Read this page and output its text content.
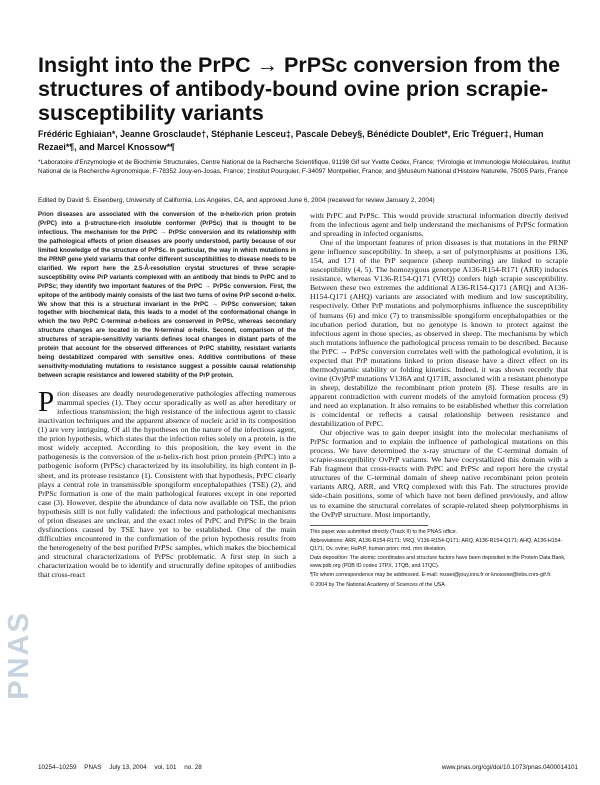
PNAS
Insight into the PrPC → PrPSc conversion from the structures of antibody-bound ovine prion scrapie-susceptibility variants
Frédéric Eghiaian*, Jeanne Grosclaude†, Stéphanie Lesceu‡, Pascale Debey§, Bénédicte Doublet*, Eric Tréguer‡, Human Rezaei*¶, and Marcel Knossow*¶
*Laboratoire d'Enzymologie et de Biochimie Structurales, Centre National de la Recherche Scientifique, 91198 Gif sur Yvette Cedex, France; †Virologie et Immunologie Moléculaires, Institut National de la Recherche Agronomique, F-78352 Jouy-en-Josas, France; ‡Institut Pourquier, F-34097 Montpellier, France; and §Muséum National d'Histoire Naturelle, 75005 Paris, France
Edited by David S. Eisenberg, University of California, Los Angeles, CA, and approved June 6, 2004 (received for review January 2, 2004)

Prion diseases are associated with the conversion of the α-helix-rich prion protein (PrPC) into a β-structure-rich insoluble conformer (PrPSc) that is thought to be infectious. The mechanism for the PrPC → PrPSc conversion and its relationship with the pathological effects of prion diseases are poorly understood, partly because of our limited knowledge of the structure of PrPSc. In particular, the way in which mutations in the PRNP gene yield variants that confer different susceptibilities to disease needs to be clarified. We report here the 2.5-Å-resolution crystal structures of three scrapie-susceptibility ovine PrP variants complexed with an antibody that binds to PrPC and to PrPSc; they identify two important features of the PrPC → PrPSc conversion. First, the epitope of the antibody mainly consists of the last two turns of ovine PrP second α-helix. We show that this is a structural invariant in the PrPC → PrPSc conversion; taken together with biochemical data, this leads to a model of the conformational change in which the two PrPC C-terminal α-helices are conserved in PrPSc, whereas secondary structure changes are located in the N-terminal α-helix. Second, comparison of the structures of scrapie-sensitivity variants defines local changes in distant parts of the protein that account for the observed differences of PrPC stability, resistant variants being destabilized compared with sensitive ones. Additive contributions of these sensitivity-modulating mutations to resistance suggest a possible causal relationship between scrapie resistance and lowered stability of the PrP protein.

Prion diseases are deadly neurodegenerative pathologies affecting numerous mammal species (1). They occur sporadically as well as after hereditary or infectious transmission; the high resistance of the infectious agent to classic inactivation techniques and the apparent absence of nucleic acid in its composition (1) are very intriguing. Of all the hypotheses on the nature of the infectious agent, the prion hypothesis, which states that the infection relies solely on a protein, is the most widely accepted. According to this proposition, the key event in the pathogenesis is the conversion of the α-helix-rich host prion protein (PrPC) into a pathogenic isoform (PrPSc) characterized by its insolubility, its high content in β-sheet, and its protease resistance (1). Consistent with that hypothesis, PrPC clearly plays a central role in transmissible spongiform encephalopathies (TSE) (2), and PrPSc formation is one of the main pathological features except in one reported case (3). However, despite the abundance of data now available on TSE, the prion hypothesis still is not fully validated: the infectious and pathological mechanisms of prion diseases are unclear, and the exact roles of PrPC and PrPSc in the brain dysfunctions caused by TSE have yet to be established. One of the main difficulties encountered in the confirmation of the prion hypothesis results from the heterogeneity of the best purified PrPSc samples, which makes the biochemical and structural characterizations of PrPSc problematic. A first step in such a characterization would be to identify and structurally define epitopes of antibodies that cross-react

with PrPC and PrPSc. This would provide structural information directly derived from the infectious agent and help understand the mechanisms of PrPSc formation and spreading in infected organisms.

One of the important features of prion diseases is that mutations in the PRNP gene influence susceptibility. In sheep, a set of polymorphisms at positions 136, 154, and 171 of the PrP sequence (sheep numbering) are linked to scrapie susceptibility (4, 5). The homozygous genotype A136-R154-R171 (ARR) induces resistance, whereas V136-R154-Q171 (VRQ) confers high scrapie susceptibility. Between these two extremes the additional A136-R154-Q171 (ARQ) and A136-H154-Q171 (AHQ) variants are associated with medium and low susceptibility, respectively. Other PrP mutations and polymorphisms influence the susceptibility of humans (6) and mice (7) to transmissible spongiform encephalopathies or the incubation period duration, but no genotype is known to protect against the infectious agent in those species, as observed in sheep. The mechanisms by which such mutations influence the pathological process remain to be described. Because the PrPC → PrPSc conversion correlates well with the pathological evolution, it is expected that PrP mutations linked to prion disease have a direct effect on its thermodynamic stability or folding kinetics. Indeed, it was shown recently that ovine (Ov)PrP mutations V136A and Q171R, associated with a resistant phenotype in sheep, destabilize the recombinant prion protein (8). These results are in apparent contradiction with current models of the amyloid formation process (9) and need an explanation. It also remains to be established whether this correlation is coincidental or reflects a causal relationship between resistance and destabilization of PrPC.

Our objective was to gain deeper insight into the molecular mechanisms of PrPSc formation and to explain the influence of pathological mutations on this process. We have determined the x-ray structure of the C-terminal domain of scrapie-susceptibility OvPrP variants. We have cocrystallized this domain with a Fab fragment that cross-reacts with PrPC and PrPSc and report here the crystal structures of the C-terminal domain of sheep native recombinant prion protein variants ARQ, ARR, and VRQ complexed with this Fab. The structures provide side-chain positions, some of which have not been defined previously, and allow us to examine the structural correlates of scrapie-related sheep polymorphisms in the OvPrP structure. Most importantly,

This paper was submitted directly (Track II) to the PNAS office.

Abbreviations: ARR, A136-R154-R171; VRQ, V136-R154-Q171; ARQ, A136-R154-Q171; AHQ, A136-H154-Q171; Ov, ovine; HuPrP, human prion; mrd, mrn deviation.

Data deposition: The atomic coordinates and structure factors have been deposited in the Protein Data Bank, www.pdb.org (PDB ID codes 1TPX, 1TQB, and 1TQC).

¶To whom correspondence may be addressed. E-mail: rezaei@jouy.inra.fr or knossow@lebs.cnrs-gif.fr.

© 2004 by The National Academy of Sciences of the USA

10254–10259 PNAS July 13, 2004 vol. 101 no. 28	www.pnas.org/cgi/doi/10.1073/pnas.0400014101
